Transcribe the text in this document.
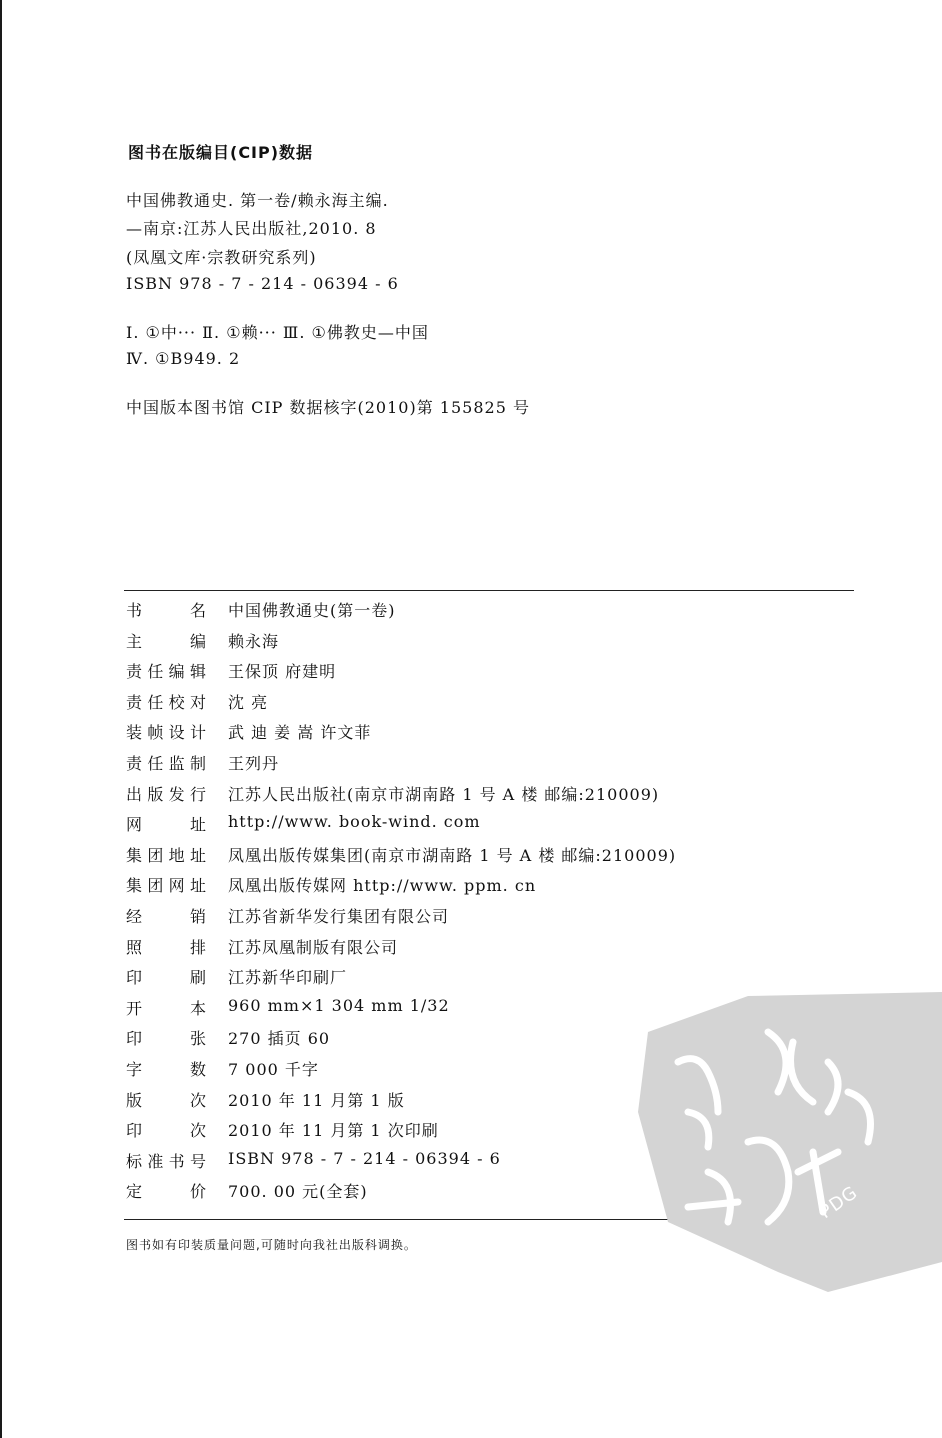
图书在版编目(CIP)数据
中国佛教通史. 第一卷/赖永海主编.
—南京:江苏人民出版社,2010. 8
(凤凰文库·宗教研究系列)
ISBN 978 - 7 - 214 - 06394 - 6
Ⅰ. ①中··· Ⅱ. ①赖··· Ⅲ. ①佛教史—中国
Ⅳ. ①B949. 2
中国版本图书馆 CIP 数据核字(2010)第 155825 号
书名 中国佛教通史(第一卷)
主编 赖永海
责任编辑 王保顶 府建明
责任校对 沈 亮
装帧设计 武 迪 姜 嵩 许文菲
责任监制 王列丹
出版发行 江苏人民出版社(南京市湖南路 1 号 A 楼 邮编:210009)
网址 http://www. book-wind. com
集团地址 凤凰出版传媒集团(南京市湖南路 1 号 A 楼 邮编:210009)
集团网址 凤凰出版传媒网 http://www. ppm. cn
经销 江苏省新华发行集团有限公司
照排 江苏凤凰制版有限公司
印刷 江苏新华印刷厂
开本 960 mm×1 304 mm 1/32
印张 270 插页 60
字数 7 000 千字
版次 2010 年 11 月第 1 版
印次 2010 年 11 月第 1 次印刷
标准书号 ISBN 978 - 7 - 214 - 06394 - 6
定价 700. 00 元(全套)
图书如有印装质量问题,可随时向我社出版科调换。
PDG
